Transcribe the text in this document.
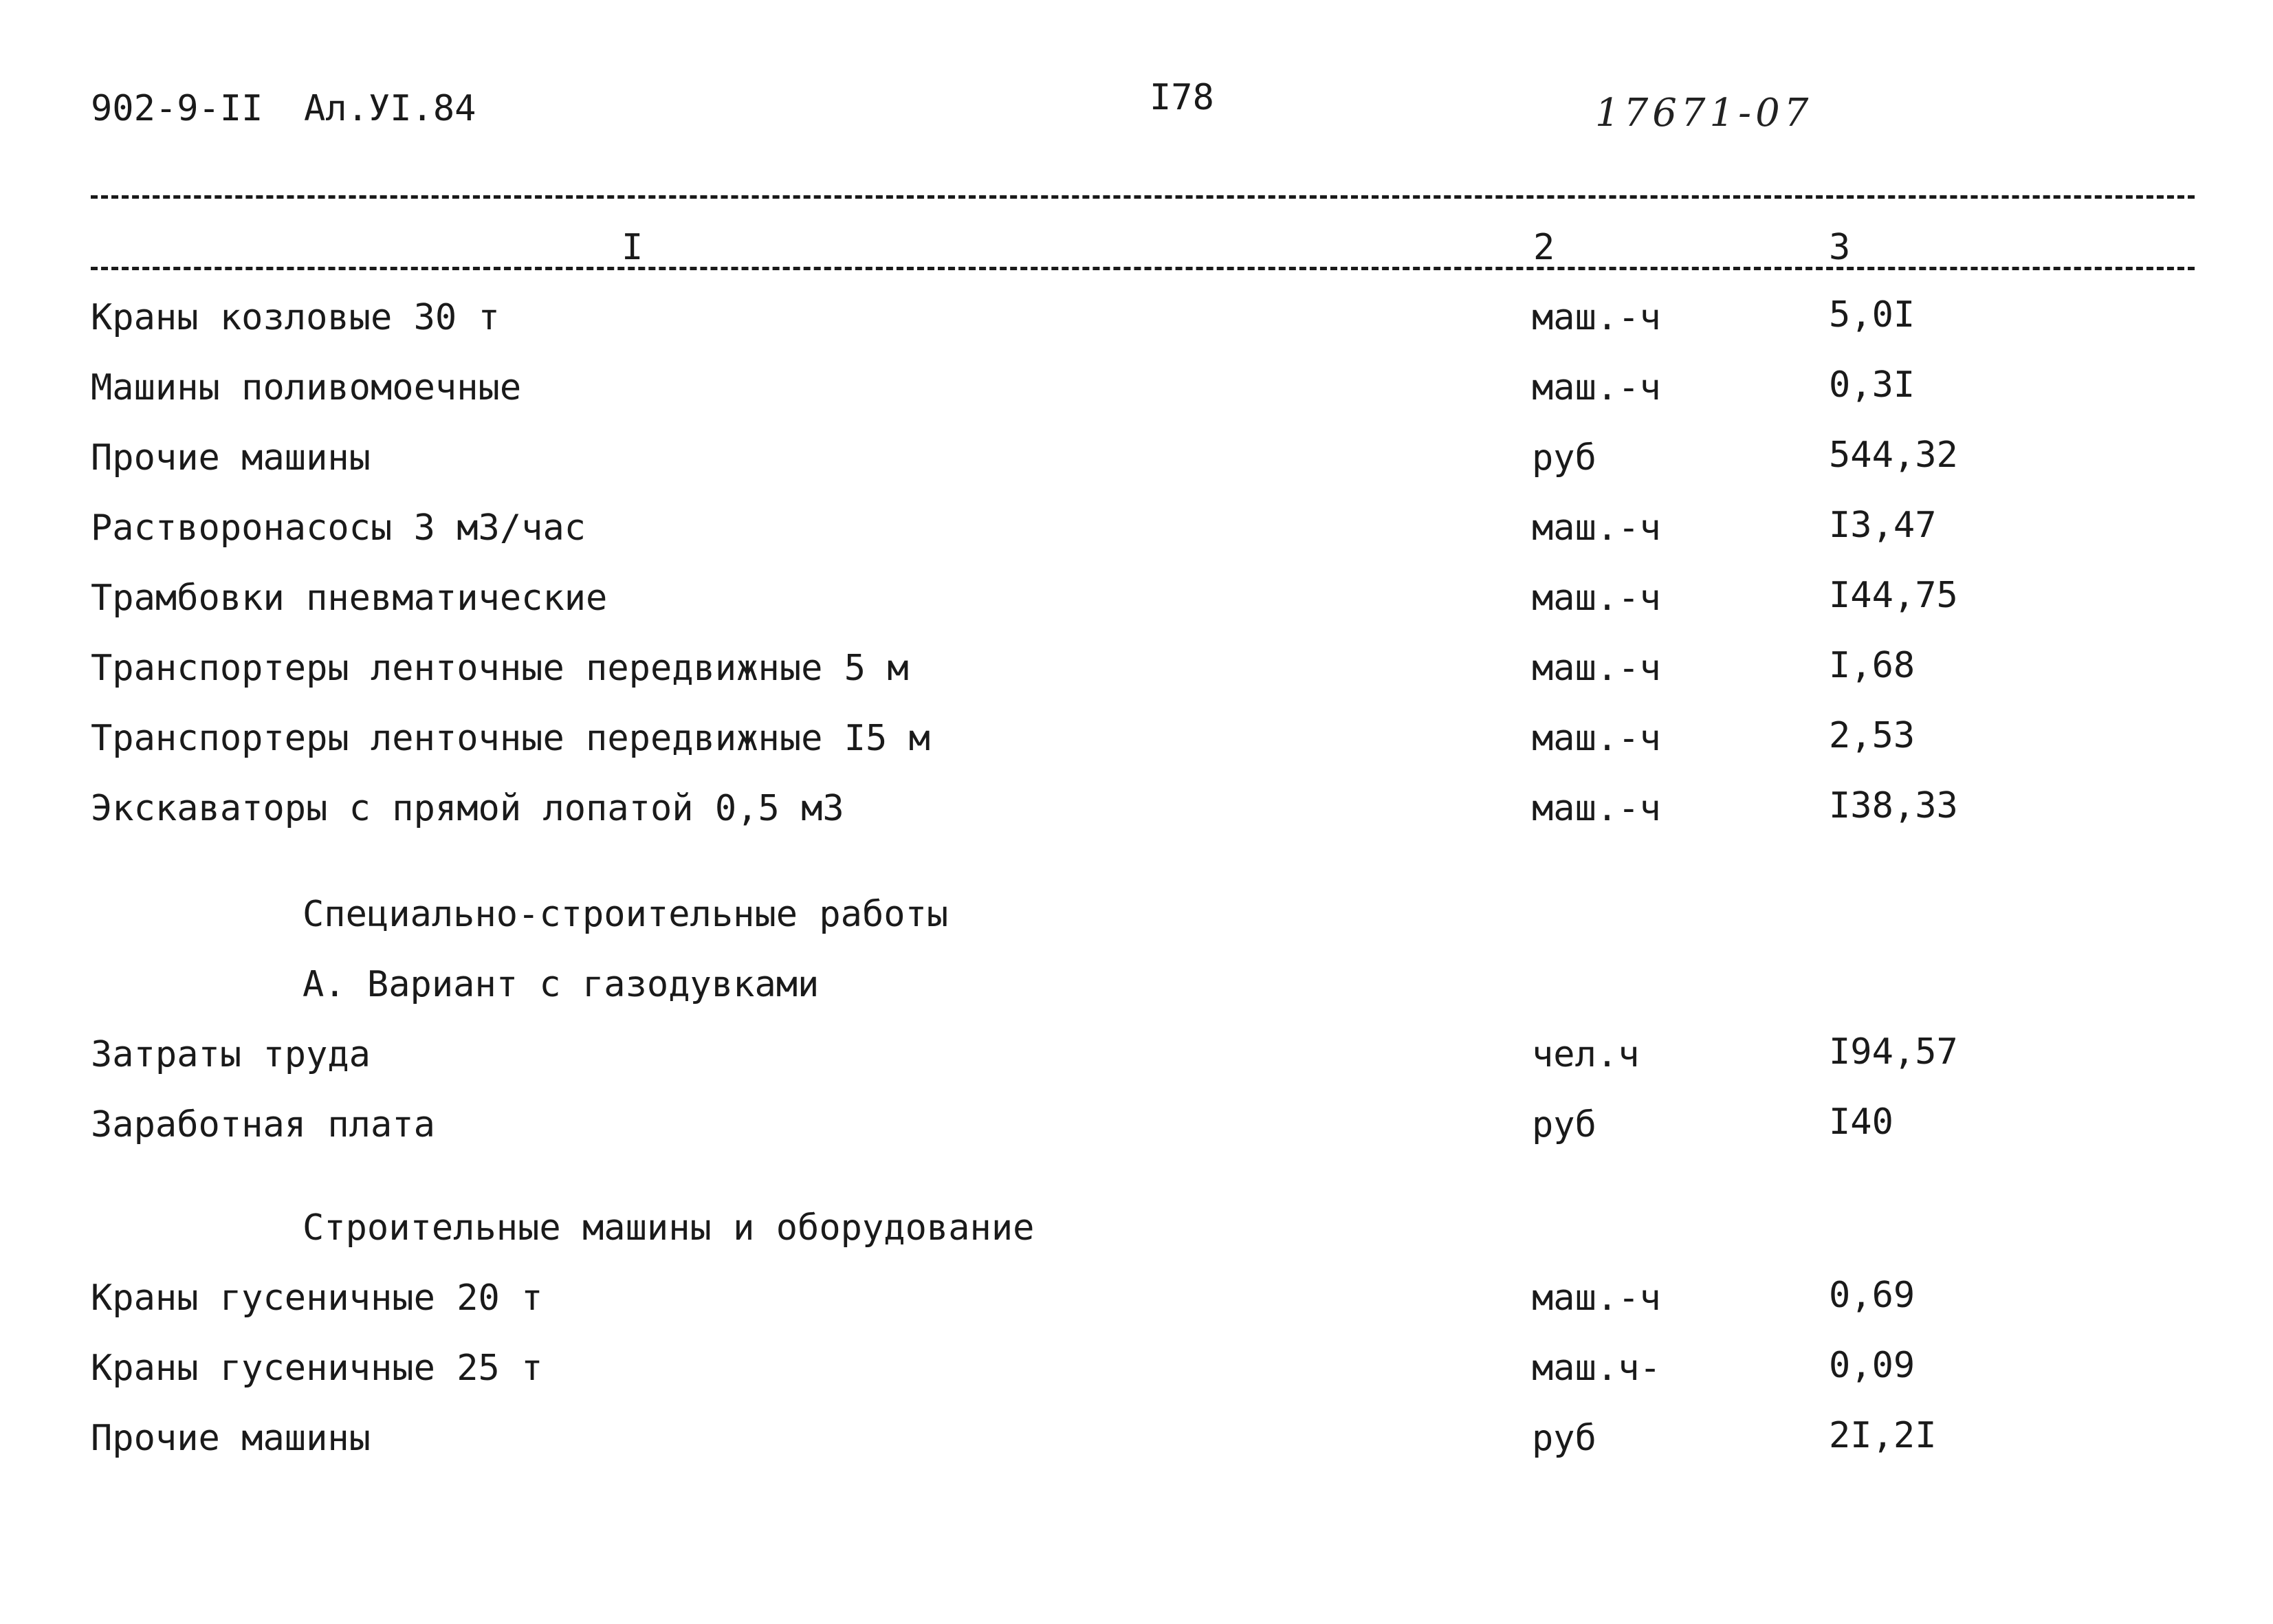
902-9-II Ал.УI.84	I78	17671-07
I	2	3
Краны козловые 30 т	маш.-ч	5,0I
Машины поливомоечные	маш.-ч	0,3I
Прочие машины	руб	544,32
Растворонасосы 3 м3/час	маш.-ч	I3,47
Трамбовки пневматические	маш.-ч	I44,75
Транспортеры ленточные передвижные 5 м	маш.-ч	I,68
Транспортеры ленточные передвижные I5 м	маш.-ч	2,53
Экскаваторы с прямой лопатой 0,5 м3	маш.-ч	I38,33
Специально-строительные работы
А. Вариант с газодувками
Затраты труда	чел.ч	I94,57
Заработная плата	руб	I40
Строительные машины и оборудование
Краны гусеничные 20 т	маш.-ч	0,69
Краны гусеничные 25 т	маш.ч-	0,09
Прочие машины	руб	2I,2I
